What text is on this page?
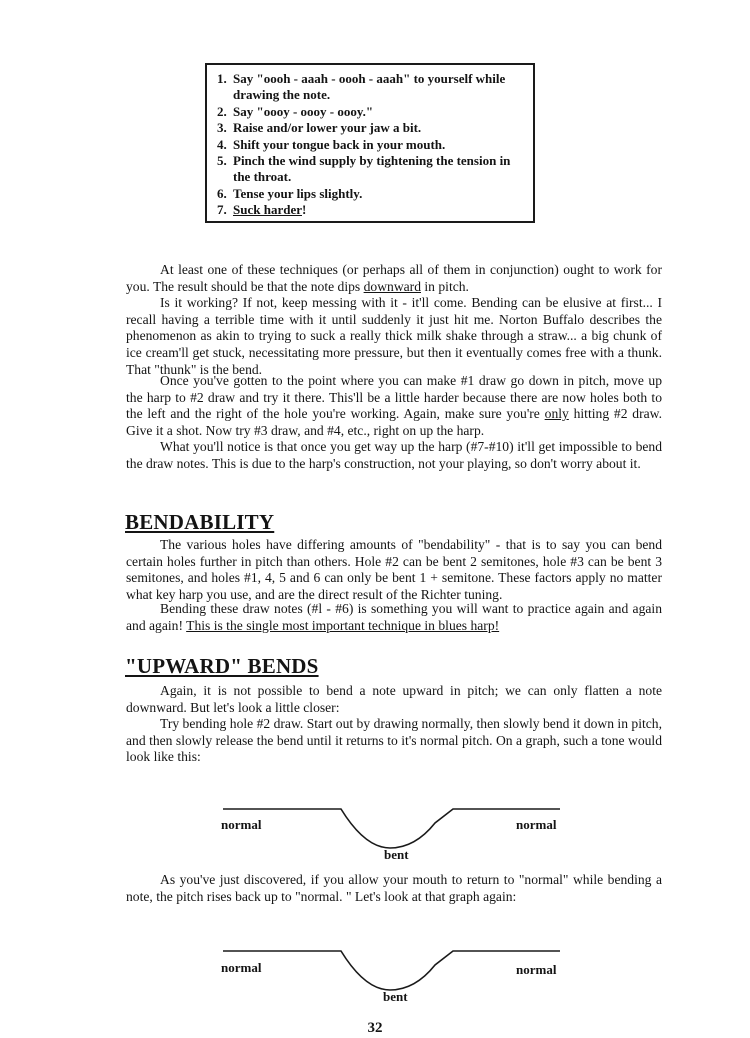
1. Say "oooh - aaah - oooh - aaah" to yourself while drawing the note.
2. Say "oooy - oooy - oooy."
3. Raise and/or lower your jaw a bit.
4. Shift your tongue back in your mouth.
5. Pinch the wind supply by tightening the tension in the throat.
6. Tense your lips slightly.
7. Suck harder!

At least one of these techniques (or perhaps all of them in conjunction) ought to work for you. The result should be that the note dips downward in pitch.

Is it working? If not, keep messing with it - it'll come. Bending can be elusive at first... I recall having a terrible time with it until suddenly it just hit me. Norton Buffalo describes the phenomenon as akin to trying to suck a really thick milk shake through a straw... a big chunk of ice cream'll get stuck, necessitating more pressure, but then it eventually comes free with a thunk. That "thunk" is the bend.

Once you've gotten to the point where you can make #1 draw go down in pitch, move up the harp to #2 draw and try it there. This'll be a little harder because there are now holes both to the left and the right of the hole you're working. Again, make sure you're only hitting #2 draw. Give it a shot. Now try #3 draw, and #4, etc., right on up the harp.

What you'll notice is that once you get way up the harp (#7-#10) it'll get impossible to bend the draw notes. This is due to the harp's construction, not your playing, so don't worry about it.

BENDABILITY

The various holes have differing amounts of "bendability" - that is to say you can bend certain holes further in pitch than others. Hole #2 can be bent 2 semitones, hole #3 can be bent 3 semitones, and holes #1, 4, 5 and 6 can only be bent 1 + semitone. These factors apply no matter what key harp you use, and are the direct result of the Richter tuning.

Bending these draw notes (#l - #6) is something you will want to practice again and again and again! This is the single most important technique in blues harp!

"UPWARD" BENDS

Again, it is not possible to bend a note upward in pitch; we can only flatten a note downward. But let's look a little closer:

Try bending hole #2 draw. Start out by drawing normally, then slowly bend it down in pitch, and then slowly release the bend until it returns to it's normal pitch. On a graph, such a tone would look like this:

normal	normal
bent

As you've just discovered, if you allow your mouth to return to "normal" while bending a note, the pitch rises back up to "normal. " Let's look at that graph again:

normal	normal
bent
32
